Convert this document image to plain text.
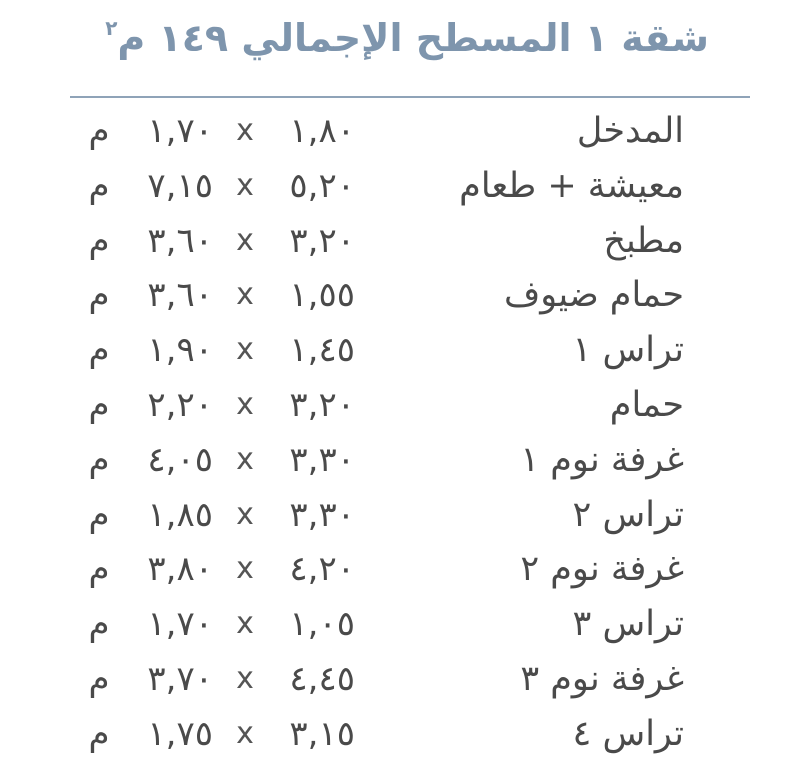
شقة ١ المسطح الإجمالي ١٤٩ م$^٢$
المدخل
١,٨٠
x
١,٧٠
م
معيشة + طعام
٥,٢٠
x
٧,١٥
م
مطبخ
٣,٢٠
x
٣,٦٠
م
حمام ضيوف
١,٥٥
x
٣,٦٠
م
تراس ١
١,٤٥
x
١,٩٠
م
حمام
٣,٢٠
x
٢,٢٠
م
غرفة نوم ١
٣,٣٠
x
٤,٠٥
م
تراس ٢
٣,٣٠
x
١,٨٥
م
غرفة نوم ٢
٤,٢٠
x
٣,٨٠
م
تراس ٣
١,٠٥
x
١,٧٠
م
غرفة نوم ٣
٤,٤٥
x
٣,٧٠
م
تراس ٤
٣,١٥
x
١,٧٥
م
